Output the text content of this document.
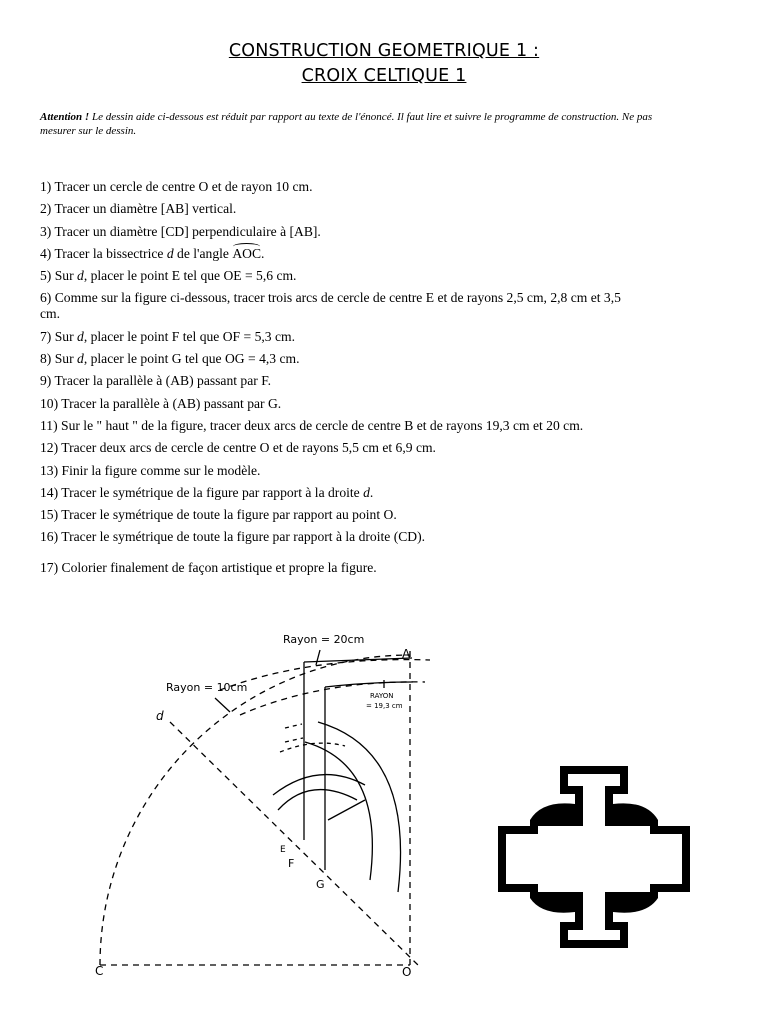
CONSTRUCTION GEOMETRIQUE 1 :
CROIX CELTIQUE 1
Attention ! Le dessin aide ci-dessous est réduit par rapport au texte de l'énoncé. Il faut lire et suivre le programme de construction. Ne pas mesurer sur le dessin.
1) Tracer un cercle de centre O et de rayon 10 cm.
2) Tracer un diamètre [AB] vertical.
3) Tracer un diamètre [CD] perpendiculaire à [AB].
4) Tracer la bissectrice d de l'angle AOC.
5) Sur d, placer le point E tel que OE = 5,6 cm.
6) Comme sur la figure ci-dessous, tracer trois arcs de cercle de centre E et de rayons 2,5 cm, 2,8 cm et 3,5 cm.
7) Sur d, placer le point F tel que OF = 5,3 cm.
8) Sur d, placer le point G tel que OG = 4,3 cm.
9) Tracer la parallèle à (AB) passant par F.
10) Tracer la parallèle à (AB) passant par G.
11) Sur le " haut " de la figure, tracer deux arcs de cercle de centre B et de rayons 19,3 cm et 20 cm.
12) Tracer deux arcs de cercle de centre O et de rayons 5,5 cm et 6,9 cm.
13) Finir la figure comme sur le modèle.
14) Tracer le symétrique de la figure par rapport à la droite d.
15) Tracer le symétrique de toute la figure par rapport au point O.
16) Tracer le symétrique de toute la figure par rapport à la droite (CD).
17) Colorier finalement de façon artistique et propre la figure.
Rayon = 20cm
Rayon = 10cm
RAYON
= 19,3 cm
A
C	O
E
F
G
d
